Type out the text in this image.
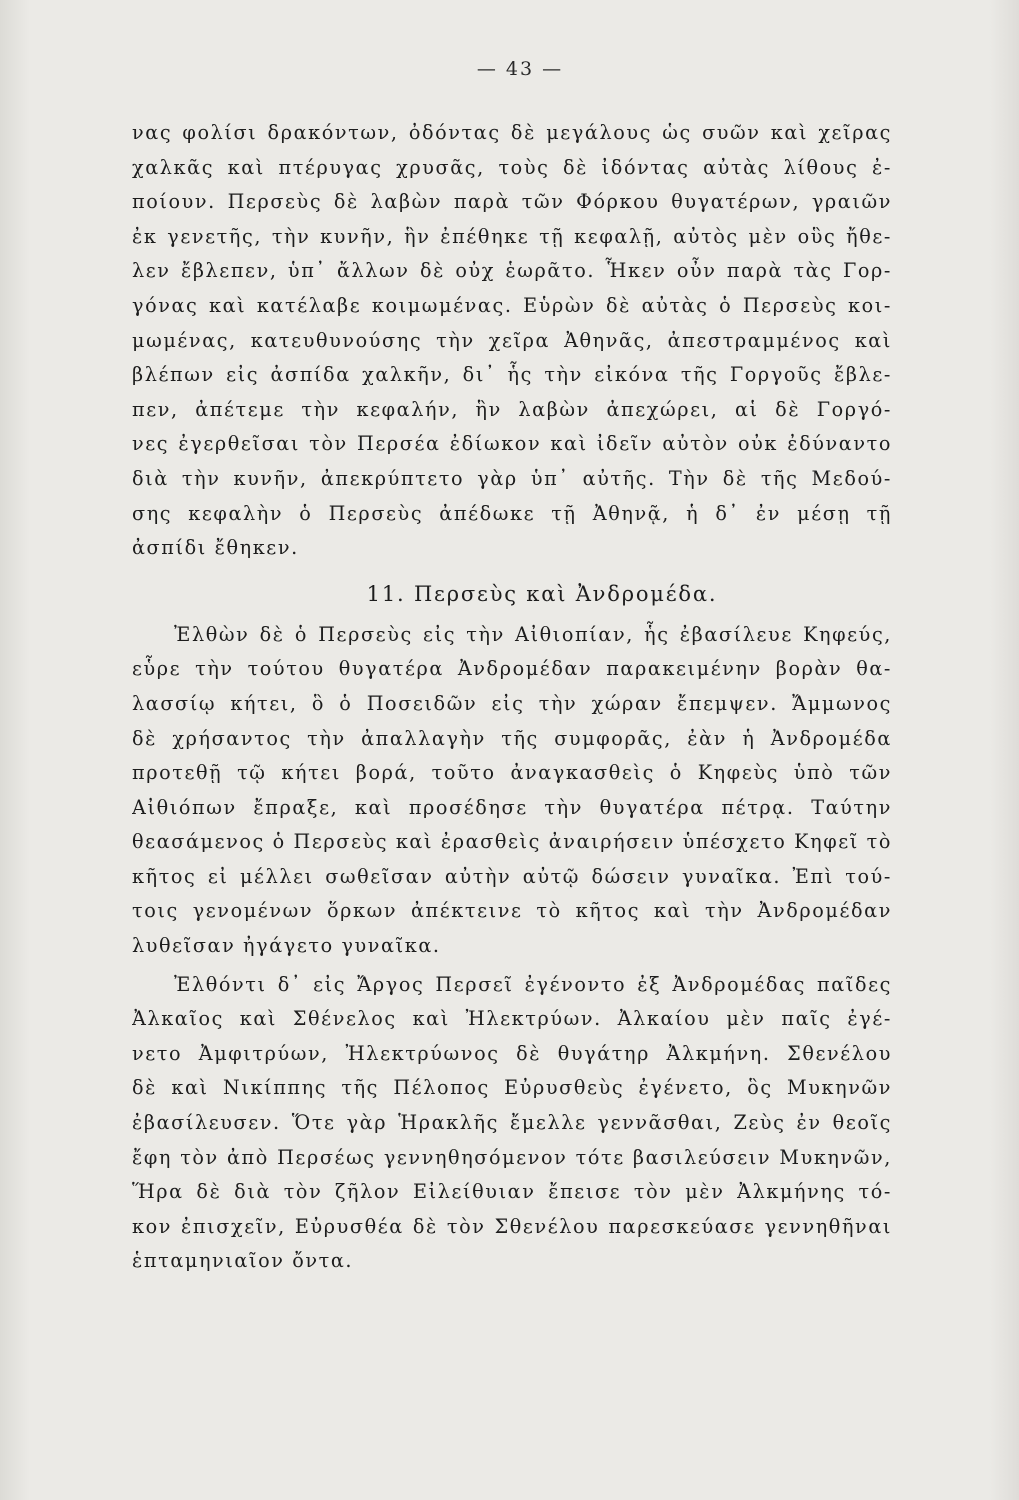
— 43 —
νας φολίσι δρακόντων, ὀδόντας δὲ μεγάλους ὡς συῶν καὶ χεῖρας
χαλκᾶς καὶ πτέρυγας χρυσᾶς, τοὺς δὲ ἰδόντας αὐτὰς λίθους ἐ-
ποίουν. Περσεὺς δὲ λαβὼν παρὰ τῶν Φόρκου θυγατέρων, γραιῶν
ἐκ γενετῆς, τὴν κυνῆν, ἣν ἐπέθηκε τῇ κεφαλῇ, αὐτὸς μὲν οὓς ἤθε-
λεν ἔβλεπεν, ὑπ᾿ ἄλλων δὲ οὐχ ἑωρᾶτο. Ἧκεν οὖν παρὰ τὰς Γορ-
γόνας καὶ κατέλαβε κοιμωμένας. Εὑρὼν δὲ αὐτὰς ὁ Περσεὺς κοι-
μωμένας, κατευθυνούσης τὴν χεῖρα Ἀθηνᾶς, ἀπεστραμμένος καὶ
βλέπων εἰς ἀσπίδα χαλκῆν, δι᾿ ἧς τὴν εἰκόνα τῆς Γοργοῦς ἔβλε-
πεν, ἀπέτεμε τὴν κεφαλήν, ἣν λαβὼν ἀπεχώρει, αἱ δὲ Γοργό-
νες ἐγερθεῖσαι τὸν Περσέα ἐδίωκον καὶ ἰδεῖν αὐτὸν οὐκ ἐδύναντο
διὰ τὴν κυνῆν, ἀπεκρύπτετο γὰρ ὑπ᾿ αὐτῆς. Τὴν δὲ τῆς Μεδού-
σης κεφαλὴν ὁ Περσεὺς ἀπέδωκε τῇ Ἀθηνᾷ, ἡ δ᾿ ἐν μέσῃ τῇ
ἀσπίδι ἔθηκεν.
11. Περσεὺς καὶ Ἀνδρομέδα.
Ἐλθὼν δὲ ὁ Περσεὺς εἰς τὴν Αἰθιοπίαν, ἧς ἐβασίλευε Κηφεύς,
εὗρε τὴν τούτου θυγατέρα Ἀνδρομέδαν παρακειμένην βορὰν θα-
λασσίῳ κήτει, ὃ ὁ Ποσειδῶν εἰς τὴν χώραν ἔπεμψεν. Ἄμμωνος
δὲ χρήσαντος τὴν ἀπαλλαγὴν τῆς συμφορᾶς, ἐὰν ἡ Ἀνδρομέδα
προτεθῇ τῷ κήτει βορά, τοῦτο ἀναγκασθεὶς ὁ Κηφεὺς ὑπὸ τῶν
Αἰθιόπων ἔπραξε, καὶ προσέδησε τὴν θυγατέρα πέτρᾳ. Ταύτην
θεασάμενος ὁ Περσεὺς καὶ ἐρασθεὶς ἀναιρήσειν ὑπέσχετο Κηφεῖ τὸ
κῆτος εἰ μέλλει σωθεῖσαν αὐτὴν αὐτῷ δώσειν γυναῖκα. Ἐπὶ τού-
τοις γενομένων ὅρκων ἀπέκτεινε τὸ κῆτος καὶ τὴν Ἀνδρομέδαν
λυθεῖσαν ἠγάγετο γυναῖκα.
Ἐλθόντι δ᾿ εἰς Ἄργος Περσεῖ ἐγένοντο ἐξ Ἀνδρομέδας παῖδες
Ἀλκαῖος καὶ Σθένελος καὶ Ἠλεκτρύων. Ἀλκαίου μὲν παῖς ἐγέ-
νετο Ἀμφιτρύων, Ἠλεκτρύωνος δὲ θυγάτηρ Ἀλκμήνη. Σθενέλου
δὲ καὶ Νικίππης τῆς Πέλοπος Εὐρυσθεὺς ἐγένετο, ὃς Μυκηνῶν
ἐβασίλευσεν. Ὅτε γὰρ Ἡρακλῆς ἔμελλε γεννᾶσθαι, Ζεὺς ἐν θεοῖς
ἔφη τὸν ἀπὸ Περσέως γεννηθησόμενον τότε βασιλεύσειν Μυκηνῶν,
Ἥρα δὲ διὰ τὸν ζῆλον Εἰλείθυιαν ἔπεισε τὸν μὲν Ἀλκμήνης τό-
κον ἐπισχεῖν, Εὐρυσθέα δὲ τὸν Σθενέλου παρεσκεύασε γεννηθῆναι
ἑπταμηνιαῖον ὄντα.
